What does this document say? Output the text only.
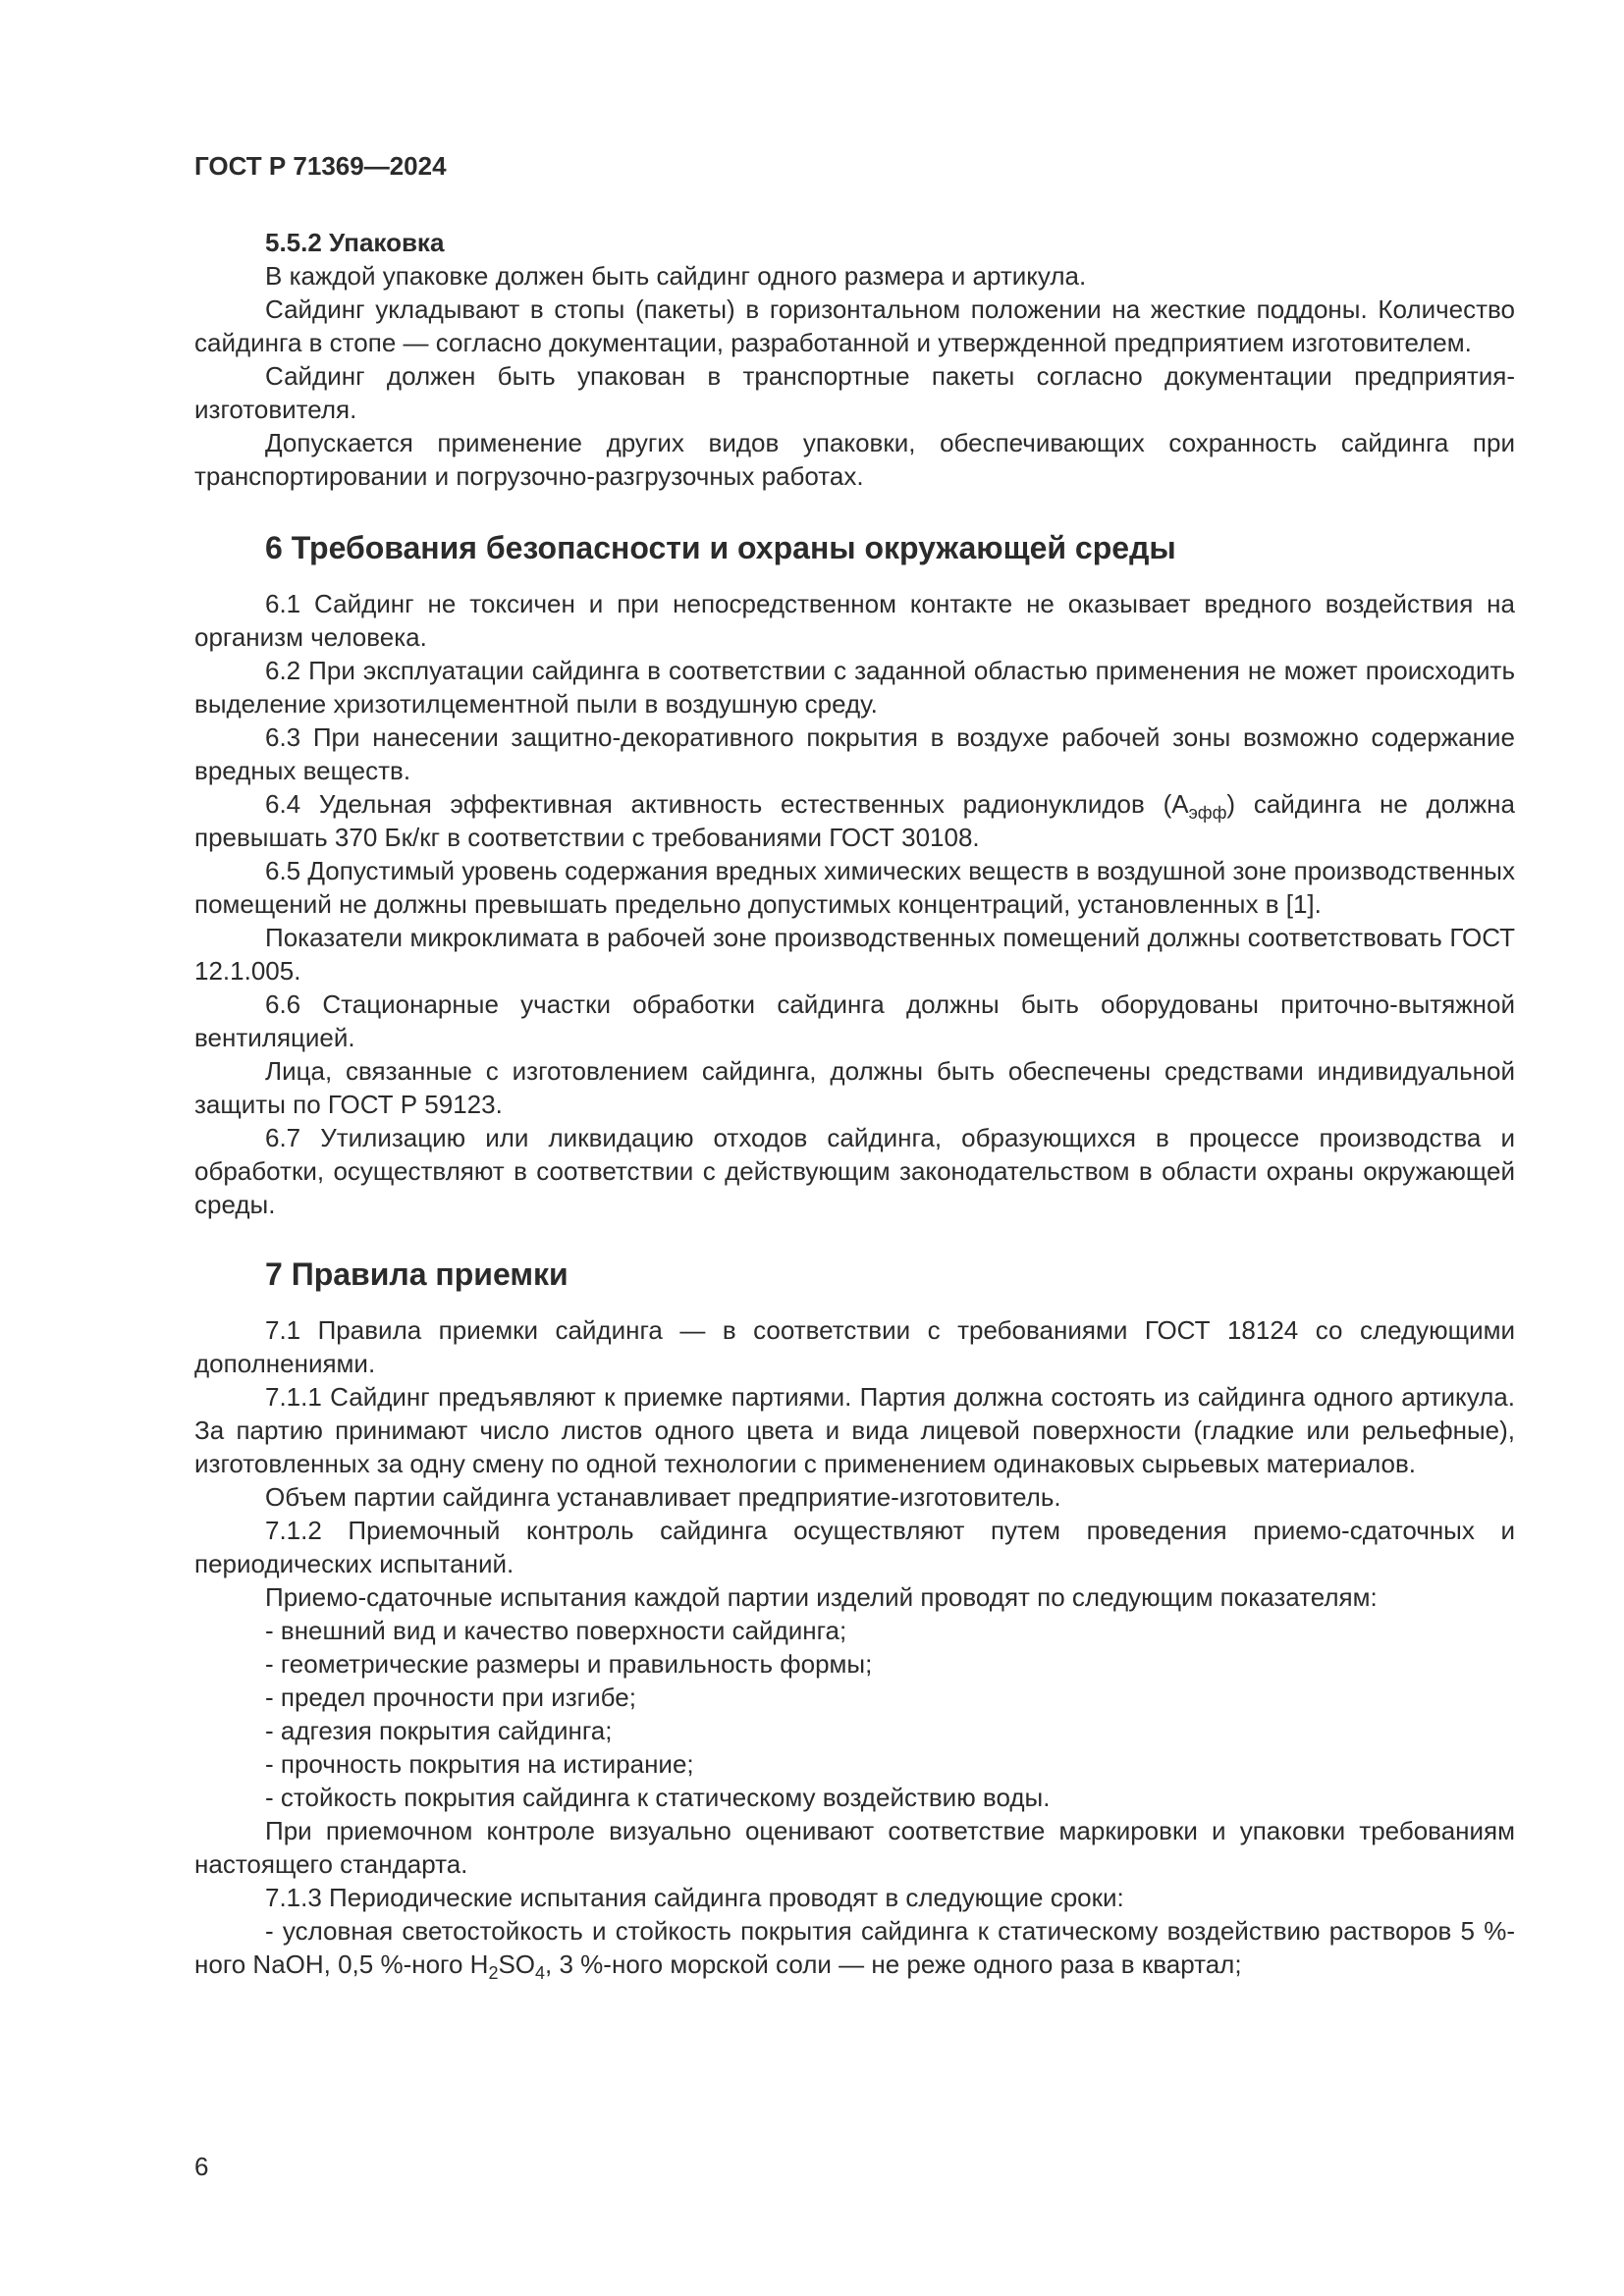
ГОСТ Р 71369—2024

5.5.2 Упаковка

В каждой упаковке должен быть сайдинг одного размера и артикула.

Сайдинг укладывают в стопы (пакеты) в горизонтальном положении на жесткие поддоны. Количество сайдинга в стопе — согласно документации, разработанной и утвержденной предприятием изготовителем.

Сайдинг должен быть упакован в транспортные пакеты согласно документации предприятия-изготовителя.

Допускается применение других видов упаковки, обеспечивающих сохранность сайдинга при транспортировании и погрузочно-разгрузочных работах.

6 Требования безопасности и охраны окружающей среды

6.1 Сайдинг не токсичен и при непосредственном контакте не оказывает вредного воздействия на организм человека.

6.2 При эксплуатации сайдинга в соответствии с заданной областью применения не может происходить выделение хризотилцементной пыли в воздушную среду.

6.3 При нанесении защитно-декоративного покрытия в воздухе рабочей зоны возможно содержание вредных веществ.

6.4 Удельная эффективная активность естественных радионуклидов $(А_{эфф})$ сайдинга не должна превышать 370 Бк/кг в соответствии с требованиями ГОСТ 30108.

6.5 Допустимый уровень содержания вредных химических веществ в воздушной зоне производственных помещений не должны превышать предельно допустимых концентраций, установленных в [1].

Показатели микроклимата в рабочей зоне производственных помещений должны соответствовать ГОСТ 12.1.005.

6.6 Стационарные участки обработки сайдинга должны быть оборудованы приточно-вытяжной вентиляцией.

Лица, связанные с изготовлением сайдинга, должны быть обеспечены средствами индивидуальной защиты по ГОСТ Р 59123.

6.7 Утилизацию или ликвидацию отходов сайдинга, образующихся в процессе производства и обработки, осуществляют в соответствии с действующим законодательством в области охраны окружающей среды.

7 Правила приемки

7.1 Правила приемки сайдинга — в соответствии с требованиями ГОСТ 18124 со следующими дополнениями.

7.1.1 Сайдинг предъявляют к приемке партиями. Партия должна состоять из сайдинга одного артикула. За партию принимают число листов одного цвета и вида лицевой поверхности (гладкие или рельефные), изготовленных за одну смену по одной технологии с применением одинаковых сырьевых материалов.

Объем партии сайдинга устанавливает предприятие-изготовитель.

7.1.2 Приемочный контроль сайдинга осуществляют путем проведения приемо-сдаточных и периодических испытаний.

Приемо-сдаточные испытания каждой партии изделий проводят по следующим показателям:

- внешний вид и качество поверхности сайдинга;

- геометрические размеры и правильность формы;

- предел прочности при изгибе;

- адгезия покрытия сайдинга;

- прочность покрытия на истирание;

- стойкость покрытия сайдинга к статическому воздействию воды.

При приемочном контроле визуально оценивают соответствие маркировки и упаковки требованиям настоящего стандарта.

7.1.3 Периодические испытания сайдинга проводят в следующие сроки:

- условная светостойкость и стойкость покрытия сайдинга к статическому воздействию растворов 5 %-ного NaOH, 0,5 %-ного $H_2SO_4$, 3 %-ного морской соли — не реже одного раза в квартал;

6
